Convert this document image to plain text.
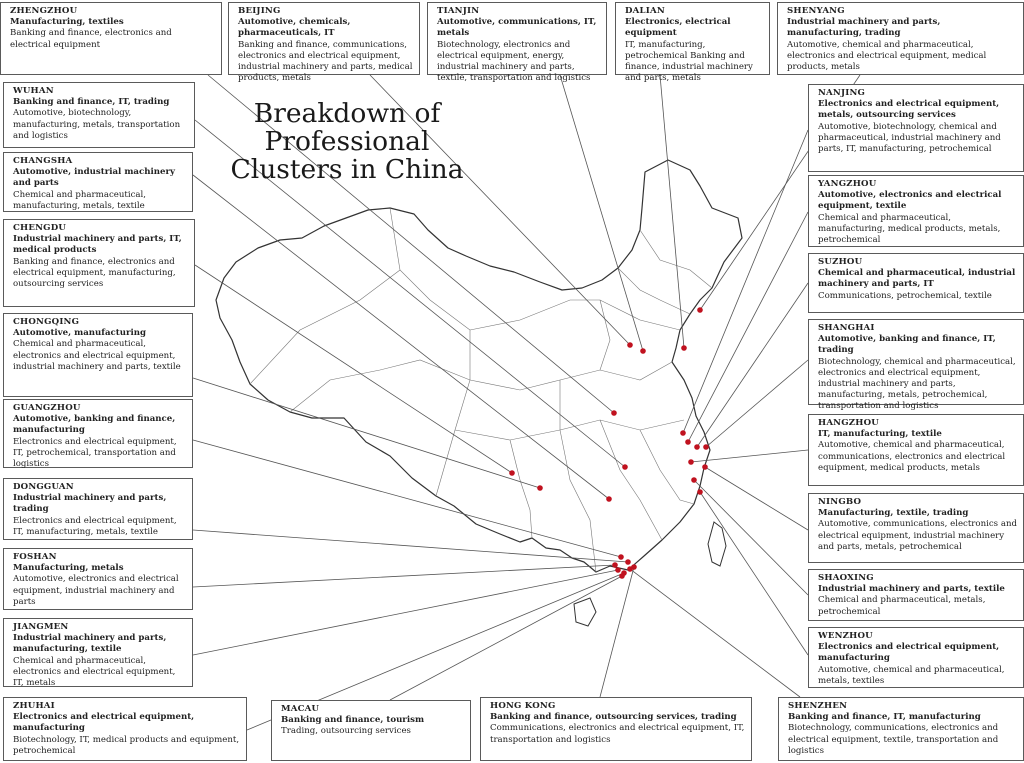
Breakdown of Professional Clusters in China
ZHENGZHOU
Manufacturing, textiles
Banking and finance, electronics and electrical equipment
BEIJING
Automotive, chemicals, pharmaceuticals, IT
Banking and finance, communications, electronics and electrical equipment, industrial machinery and parts, medical products, metals
TIANJIN
Automotive, communications, IT, metals
Biotechnology, electronics and electrical equipment, energy, industrial machinery and parts, textile, transportation and logistics
DALIAN
Electronics, electrical equipment
IT, manufacturing, petrochemical Banking and finance, industrial machinery and parts, metals
SHENYANG
Industrial machinery and parts, manufacturing, trading
Automotive, chemical and pharmaceutical, electronics and electrical equipment, medical products, metals
WUHAN
Banking and finance, IT, trading
Automotive, biotechnology, manufacturing, metals, transportation and logistics
CHANGSHA
Automotive, industrial machinery and parts
Chemical and pharmaceutical, manufacturing, metals, textile
CHENGDU
Industrial machinery and parts, IT, medical products
Banking and finance, electronics and electrical equipment, manufacturing, outsourcing services
CHONGQING
Automotive, manufacturing
Chemical and pharmaceutical, electronics and electrical equipment, industrial machinery and parts, textile
GUANGZHOU
Automotive, banking and finance, manufacturing
Electronics and electrical equipment, IT, petrochemical, transportation and logistics
DONGGUAN
Industrial machinery and parts, trading
Electronics and electrical equipment, IT, manufacturing, metals, textile
FOSHAN
Manufacturing, metals
Automotive, electronics and electrical equipment, industrial machinery and parts
JIANGMEN
Industrial machinery and parts, manufacturing, textile
Chemical and pharmaceutical, electronics and electrical equipment, IT, metals
ZHUHAI
Electronics and electrical equipment, manufacturing
Biotechnology, IT, medical products and equipment, petrochemical
MACAU
Banking and finance, tourism
Trading, outsourcing services
HONG KONG
Banking and finance, outsourcing services, trading
Communications, electronics and electrical equipment, IT, transportation and logistics
SHENZHEN
Banking and finance, IT, manufacturing
Biotechnology, communications, electronics and electrical equipment, textile, transportation and logistics
NANJING
Electronics and electrical equipment, metals, outsourcing services
Automotive, biotechnology, chemical and pharmaceutical, industrial machinery and parts, IT, manufacturing, petrochemical
YANGZHOU
Automotive, electronics and electrical equipment, textile
Chemical and pharmaceutical, manufacturing, medical products, metals, petrochemical
SUZHOU
Chemical and pharmaceutical, industrial machinery and parts, IT
Communications, petrochemical, textile
SHANGHAI
Automotive, banking and finance, IT, trading
Biotechnology, chemical and pharmaceutical, electronics and electrical equipment, industrial machinery and parts, manufacturing, metals, petrochemical, transportation and logistics
HANGZHOU
IT, manufacturing, textile
Automotive, chemical and pharmaceutical, communications, electronics and electrical equipment, medical products, metals
NINGBO
Manufacturing, textile, trading
Automotive, communications, electronics and electrical equipment, industrial machinery and parts, metals, petrochemical
SHAOXING
Industrial machinery and parts, textile
Chemical and pharmaceutical, metals, petrochemical
WENZHOU
Electronics and electrical equipment, manufacturing
Automotive, chemical and pharmaceutical, metals, textiles
